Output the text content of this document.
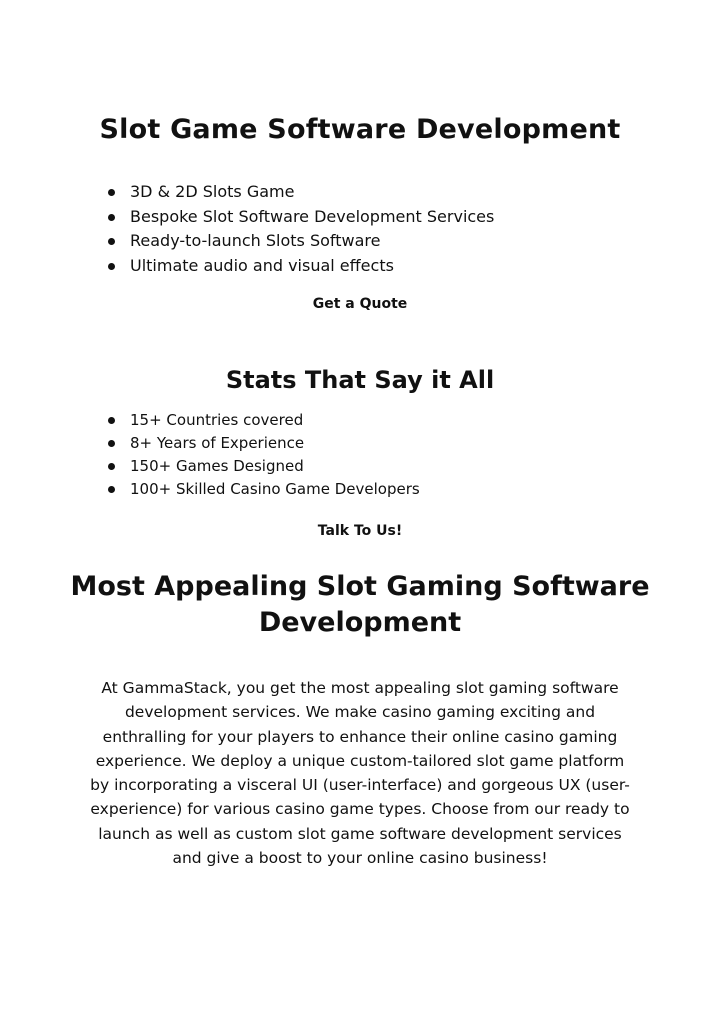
Slot Game Software Development
3D & 2D Slots Game
Bespoke Slot Software Development Services
Ready-to-launch Slots Software
Ultimate audio and visual effects
Get a Quote
Stats That Say it All
15+ Countries covered
8+ Years of Experience
150+ Games Designed
100+ Skilled Casino Game Developers
Talk To Us!
Most Appealing Slot Gaming Software Development

At GammaStack, you get the most appealing slot gaming software development services. We make casino gaming exciting and enthralling for your players to enhance their online casino gaming experience. We deploy a unique custom-tailored slot game platform by incorporating a visceral UI (user-interface) and gorgeous UX (user-experience) for various casino game types. Choose from our ready to launch as well as custom slot game software development services and give a boost to your online casino business!
